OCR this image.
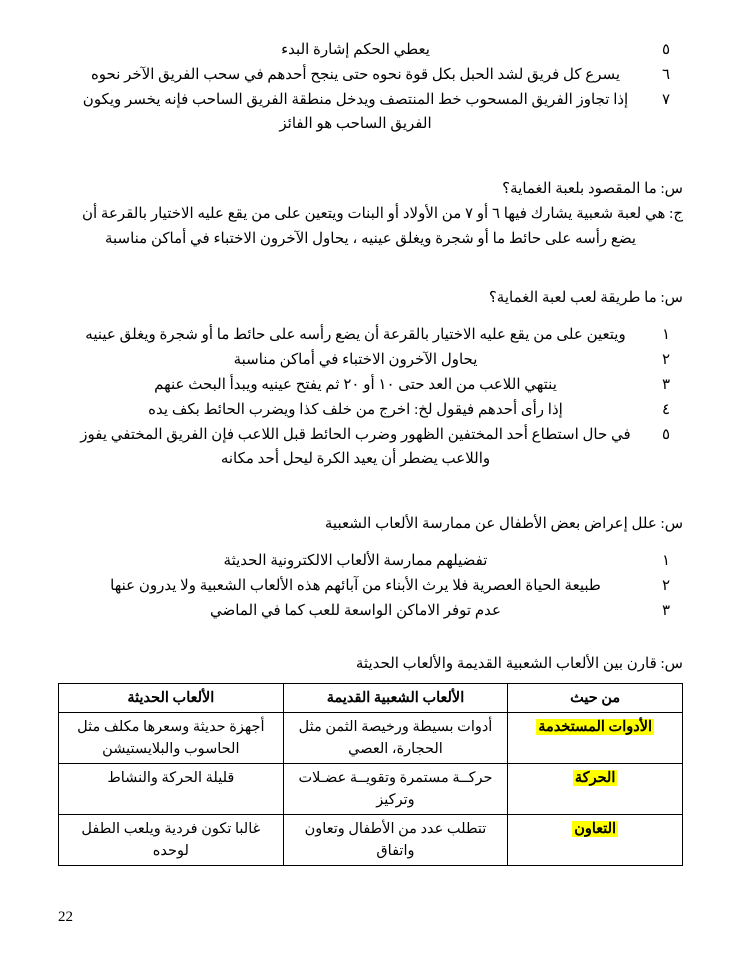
٥
يعطي الحكم إشارة البدء
٦
يسرع كل فريق لشد الحبل بكل قوة نحوه حتى ينجح أحدهم في سحب الفريق الآخر نحوه
٧
إذا تجاوز الفريق المسحوب خط المنتصف ويدخل منطقة الفريق الساحب فإنه يخسر ويكون
الفريق الساحب هو الفائز

س: ما المقصود بلعبة الغماية؟

ج: هي لعبة شعبية يشارك فيها ٦ أو ٧ من الأولاد أو البنات ويتعين على من يقع عليه الاختيار بالقرعة أن

يضع رأسه على حائط ما أو شجرة ويغلق عينيه ، يحاول الآخرون الاختباء في أماكن مناسبة

س: ما طريقة لعب لعبة الغماية؟

١
ويتعين على من يقع عليه الاختيار بالقرعة أن يضع رأسه على حائط ما أو شجرة ويغلق عينيه
٢
يحاول الآخرون الاختباء في أماكن مناسبة
٣
ينتهي اللاعب من العد حتى ١٠ أو ٢٠ ثم يفتح عينيه ويبدأ البحث عنهم
٤
إذا رأى أحدهم فيقول لخ: اخرج من خلف كذا ويضرب الحائط بكف يده
٥
في حال استطاع أحد المختفين الظهور وضرب الحائط قبل اللاعب فإن الفريق المختفي يفوز
واللاعب يضطر أن يعيد الكرة ليحل أحد مكانه

س: علل إعراض بعض الأطفال عن ممارسة الألعاب الشعبية

١
تفضيلهم ممارسة الألعاب الالكترونية الحديثة
٢
طبيعة الحياة العصرية فلا يرث الأبناء من آبائهم هذه الألعاب الشعبية ولا يدرون عنها
٣
عدم توفر الاماكن الواسعة للعب كما في الماضي

س: قارن بين الألعاب الشعبية القديمة والألعاب الحديثة

من حيث	الألعاب الشعبية القديمة	الألعاب الحديثة
الأدوات المستخدمة	أدوات بسيطة ورخيصة الثمن مثل الحجارة، العصي	أجهزة حديثة وسعرها مكلف مثل الحاسوب والبلايستيشن
الحركة	حركــة مستمرة وتقويــة عضـلات وتركيز	قليلة الحركة والنشاط
التعاون	تتطلب عدد من الأطفال وتعاون واتفاق	غالبا تكون فردية ويلعب الطفل لوحده
22
